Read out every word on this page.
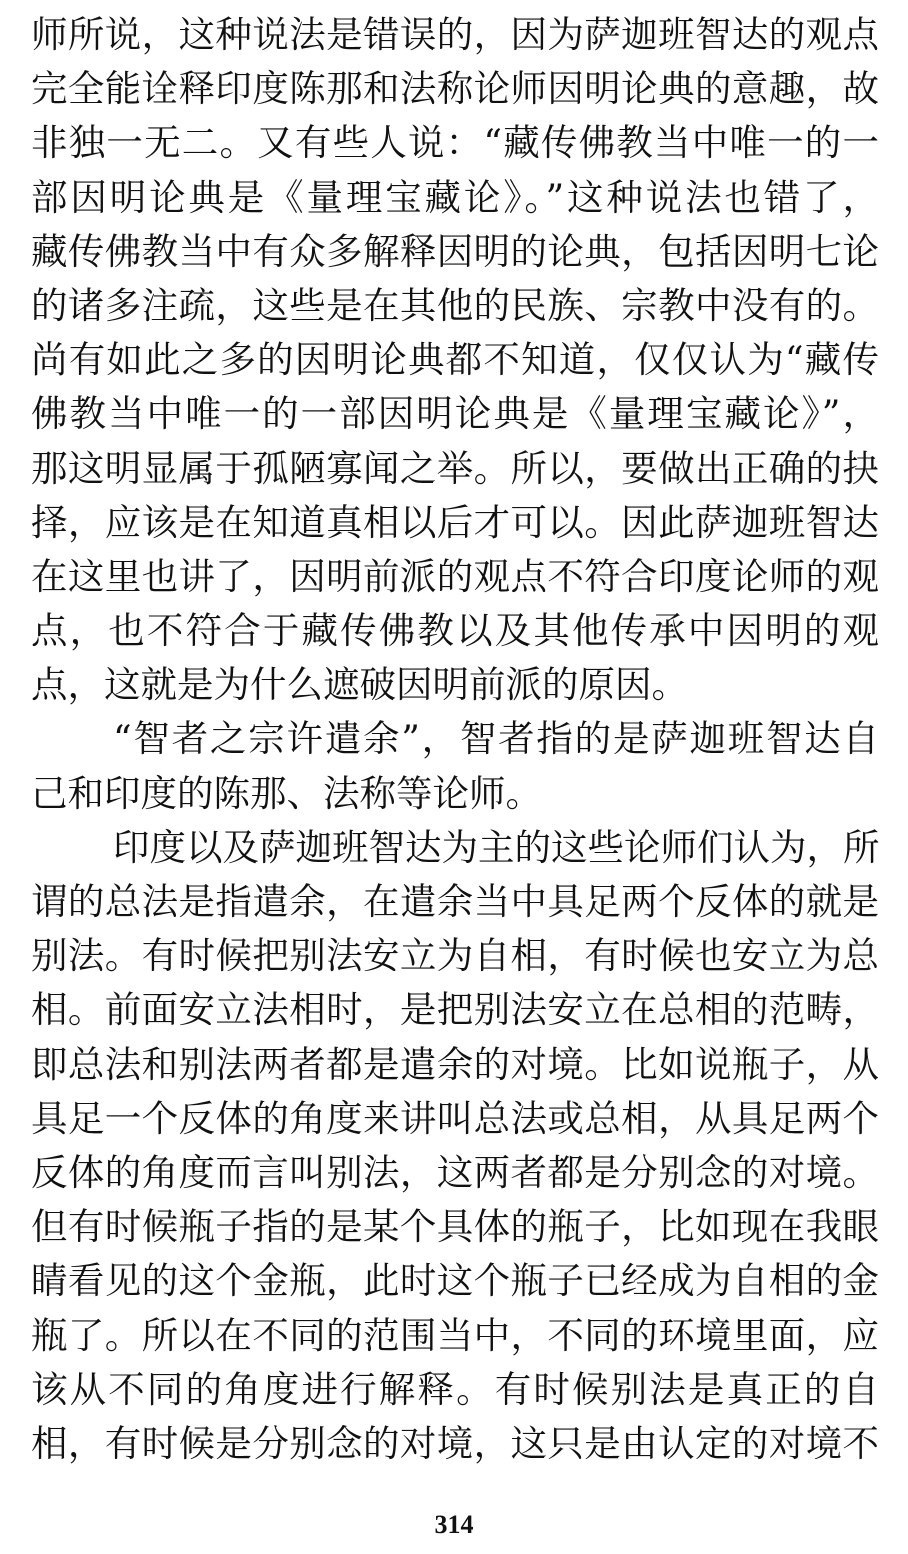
师所说，这种说法是错误的，因为萨迦班智达的观点
完全能诠释印度陈那和法称论师因明论典的意趣，故
非独一无二。又有些人说：“藏传佛教当中唯一的一
部因明论典是《量理宝藏论》。”这种说法也错了，
藏传佛教当中有众多解释因明的论典，包括因明七论
的诸多注疏，这些是在其他的民族、宗教中没有的。
尚有如此之多的因明论典都不知道，仅仅认为“藏传
佛教当中唯一的一部因明论典是《量理宝藏论》”，
那这明显属于孤陋寡闻之举。所以，要做出正确的抉
择，应该是在知道真相以后才可以。因此萨迦班智达
在这里也讲了，因明前派的观点不符合印度论师的观
点，也不符合于藏传佛教以及其他传承中因明的观
点，这就是为什么遮破因明前派的原因。
“智者之宗许遣余”，智者指的是萨迦班智达自
己和印度的陈那、法称等论师。
印度以及萨迦班智达为主的这些论师们认为，所
谓的总法是指遣余，在遣余当中具足两个反体的就是
别法。有时候把别法安立为自相，有时候也安立为总
相。前面安立法相时，是把别法安立在总相的范畴，
即总法和别法两者都是遣余的对境。比如说瓶子，从
具足一个反体的角度来讲叫总法或总相，从具足两个
反体的角度而言叫别法，这两者都是分别念的对境。
但有时候瓶子指的是某个具体的瓶子，比如现在我眼
睛看见的这个金瓶，此时这个瓶子已经成为自相的金
瓶了。所以在不同的范围当中，不同的环境里面，应
该从不同的角度进行解释。有时候别法是真正的自
相，有时候是分别念的对境，这只是由认定的对境不
314
